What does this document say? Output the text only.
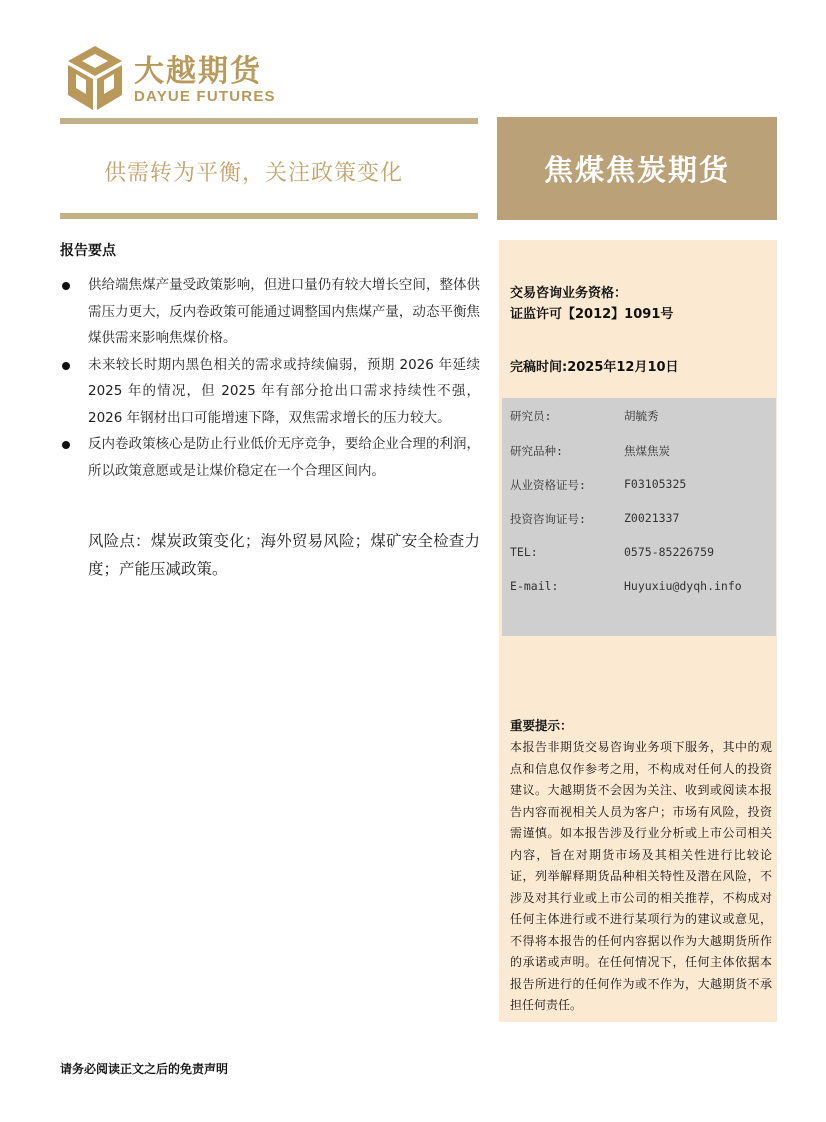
大越期货
DAYUE FUTURES
供需转为平衡，关注政策变化	焦煤焦炭期货
报告要点
供给端焦煤产量受政策影响，但进口量仍有较大增长空间，整体供需压力更大，反内卷政策可能通过调整国内焦煤产量，动态平衡焦煤供需来影响焦煤价格。
未来较长时期内黑色相关的需求或持续偏弱，预期 2026 年延续 2025 年的情况，但 2025 年有部分抢出口需求持续性不强，2026 年钢材出口可能增速下降，双焦需求增长的压力较大。
反内卷政策核心是防止行业低价无序竞争，要给企业合理的利润，所以政策意愿或是让煤价稳定在一个合理区间内。
风险点：煤炭政策变化；海外贸易风险；煤矿安全检查力度；产能压减政策。
交易咨询业务资格：
证监许可【2012】1091号
完稿时间:2025年12月10日
研究员:	胡毓秀
研究品种:	焦煤焦炭
从业资格证号:	F03105325
投资咨询证号:	Z0021337
TEL:	0575-85226759
E-mail:	Huyuxiu@dyqh.info
重要提示：
本报告非期货交易咨询业务项下服务，其中的观点和信息仅作参考之用，不构成对任何人的投资建议。大越期货不会因为关注、收到或阅读本报告内容而视相关人员为客户；市场有风险，投资需谨慎。如本报告涉及行业分析或上市公司相关内容，旨在对期货市场及其相关性进行比较论证，列举解释期货品种相关特性及潜在风险，不涉及对其行业或上市公司的相关推荐，不构成对任何主体进行或不进行某项行为的建议或意见，不得将本报告的任何内容据以作为大越期货所作的承诺或声明。在任何情况下，任何主体依据本报告所进行的任何作为或不作为，大越期货不承担任何责任。
请务必阅读正文之后的免责声明
